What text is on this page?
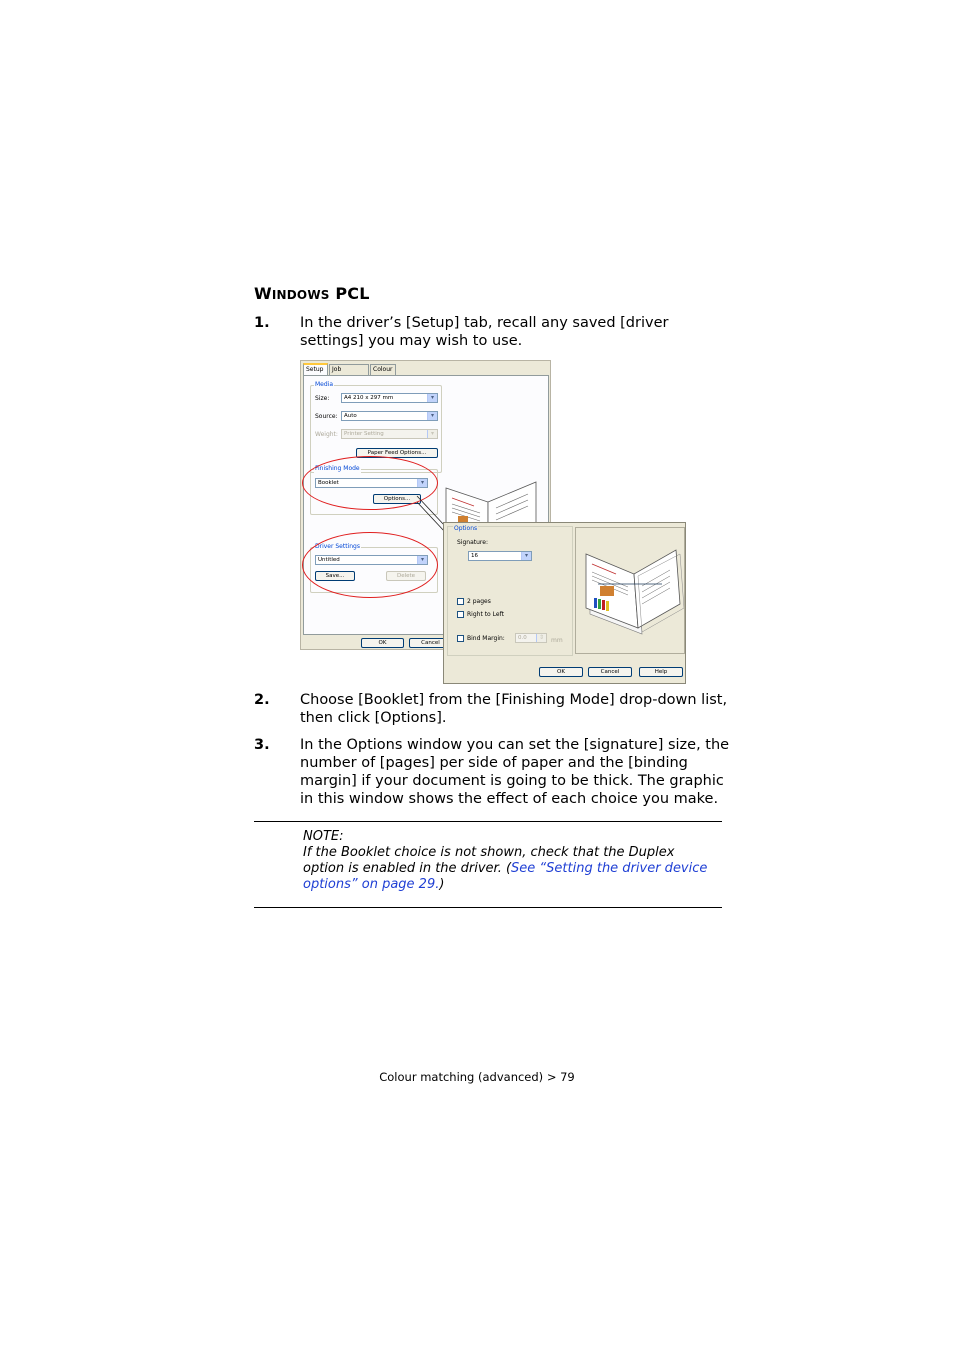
WINDOWS PCL
1. In the driver’s [Setup] tab, recall any saved [driver settings] you may wish to use.
Setup	Job	Colour
Media
Size:	A4 210 x 297 mm	▾
Source:	Auto	▾
Weight:	Printer Setting	▾
Paper Feed Options...
Finishing Mode
Booklet	▾
Options...
Driver Settings
Untitled	▾
Save...	Delete
OK	Cancel
Options
Signature:
16	▾
2 pages
Right to Left
Bind Margin:	0.0	⇕	mm
OK	Cancel	Help
2. Choose [Booklet] from the [Finishing Mode] drop-down list, then click [Options].
3. In the Options window you can set the [signature] size, the number of [pages] per side of paper and the [binding margin] if your document is going to be thick. The graphic in this window shows the effect of each choice you make.
NOTE:
If the Booklet choice is not shown, check that the Duplex option is enabled in the driver. (See “Setting the driver device options” on page 29.)
Colour matching (advanced) > 79
